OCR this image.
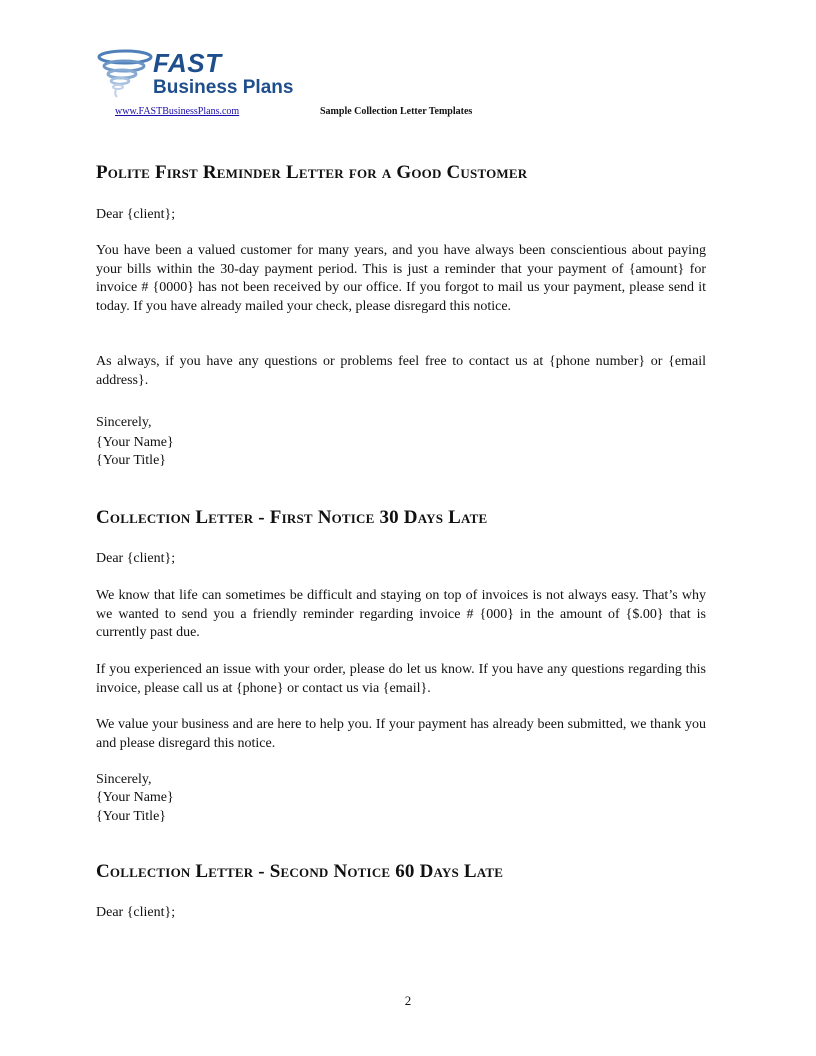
FAST
Business Plans
www.FASTBusinessPlans.com	Sample Collection Letter Templates
Polite First Reminder Letter for a Good Customer
Dear {client};
You have been a valued customer for many years, and you have always been conscientious about paying your bills within the 30-day payment period. This is just a reminder that your payment of {amount} for invoice # {0000} has not been received by our office. If you forgot to mail us your payment, please send it today. If you have already mailed your check, please disregard this notice.
As always, if you have any questions or problems feel free to contact us at {phone number} or {email address}.
Sincerely,
{Your Name}
{Your Title}
Collection Letter - First Notice 30 Days Late
Dear {client};
We know that life can sometimes be difficult and staying on top of invoices is not always easy. That’s why we wanted to send you a friendly reminder regarding invoice # {000} in the amount of {$.00} that is currently past due.
If you experienced an issue with your order, please do let us know. If you have any questions regarding this invoice, please call us at {phone} or contact us via {email}.
We value your business and are here to help you. If your payment has already been submitted, we thank you and please disregard this notice.
Sincerely,
{Your Name}
{Your Title}
Collection Letter - Second Notice 60 Days Late
Dear {client};
2
